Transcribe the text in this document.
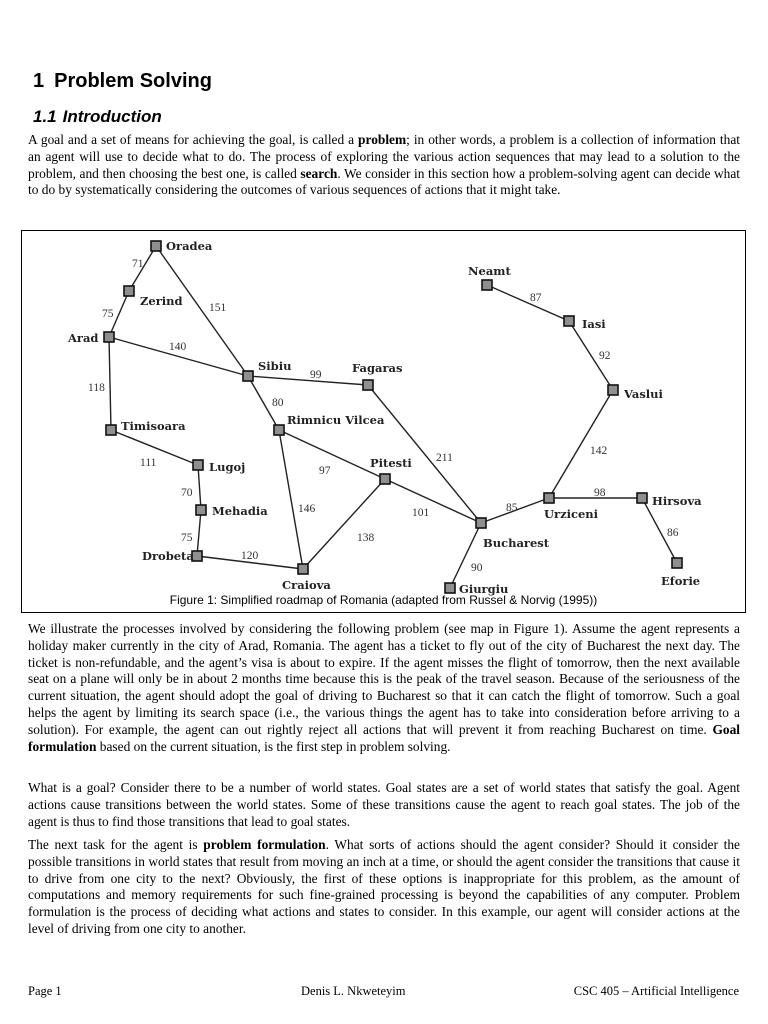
1 Problem Solving
1.1 Introduction

A goal and a set of means for achieving the goal, is called a problem; in other words, a problem is a collection of information that an agent will use to decide what to do. The process of exploring the various action sequences that may lead to a solution to the problem, and then choosing the best one, is called search. We consider in this section how a problem-solving agent can decide what to do by systematically considering the outcomes of various sequences of actions that it might take.

71
75	151
140
118
99
80
111
70
75
120
97
146
138
101
211
90
85
98
86
142
92
87
Oradea
Zerind
Arad
Sibiu	Fagaras
Timisoara	Rimnicu Vilcea
Lugoj	Pitesti
Mehadia
Drobeta
Craiova
Bucharest
Giurgiu
Urziceni
Hirsova
Eforie
Vaslui
Iasi
Neamt
Figure 1: Simplified roadmap of Romania (adapted from Russel & Norvig (1995))

We illustrate the processes involved by considering the following problem (see map in Figure 1). Assume the agent represents a holiday maker currently in the city of Arad, Romania. The agent has a ticket to fly out of the city of Bucharest the next day. The ticket is non-refundable, and the agent’s visa is about to expire. If the agent misses the flight of tomorrow, then the next available seat on a plane will only be in about 2 months time because this is the peak of the travel season. Because of the seriousness of the current situation, the agent should adopt the goal of driving to Bucharest so that it can catch the flight of tomorrow. Such a goal helps the agent by limiting its search space (i.e., the various things the agent has to take into consideration before arriving to a solution). For example, the agent can out rightly reject all actions that will prevent it from reaching Bucharest on time. Goal formulation based on the current situation, is the first step in problem solving.

What is a goal? Consider there to be a number of world states. Goal states are a set of world states that satisfy the goal. Agent actions cause transitions between the world states. Some of these transitions cause the agent to reach goal states. The job of the agent is thus to find those transitions that lead to goal states.

The next task for the agent is problem formulation. What sorts of actions should the agent consider? Should it consider the possible transitions in world states that result from moving an inch at a time, or should the agent consider the transitions that cause it to drive from one city to the next? Obviously, the first of these options is inappropriate for this problem, as the amount of computations and memory requirements for such fine-grained processing is beyond the capabilities of any computer. Problem formulation is the process of deciding what actions and states to consider. In this example, our agent will consider actions at the level of driving from one city to another.

Page 1	Denis L. Nkweteyim	CSC 405 – Artificial Intelligence
